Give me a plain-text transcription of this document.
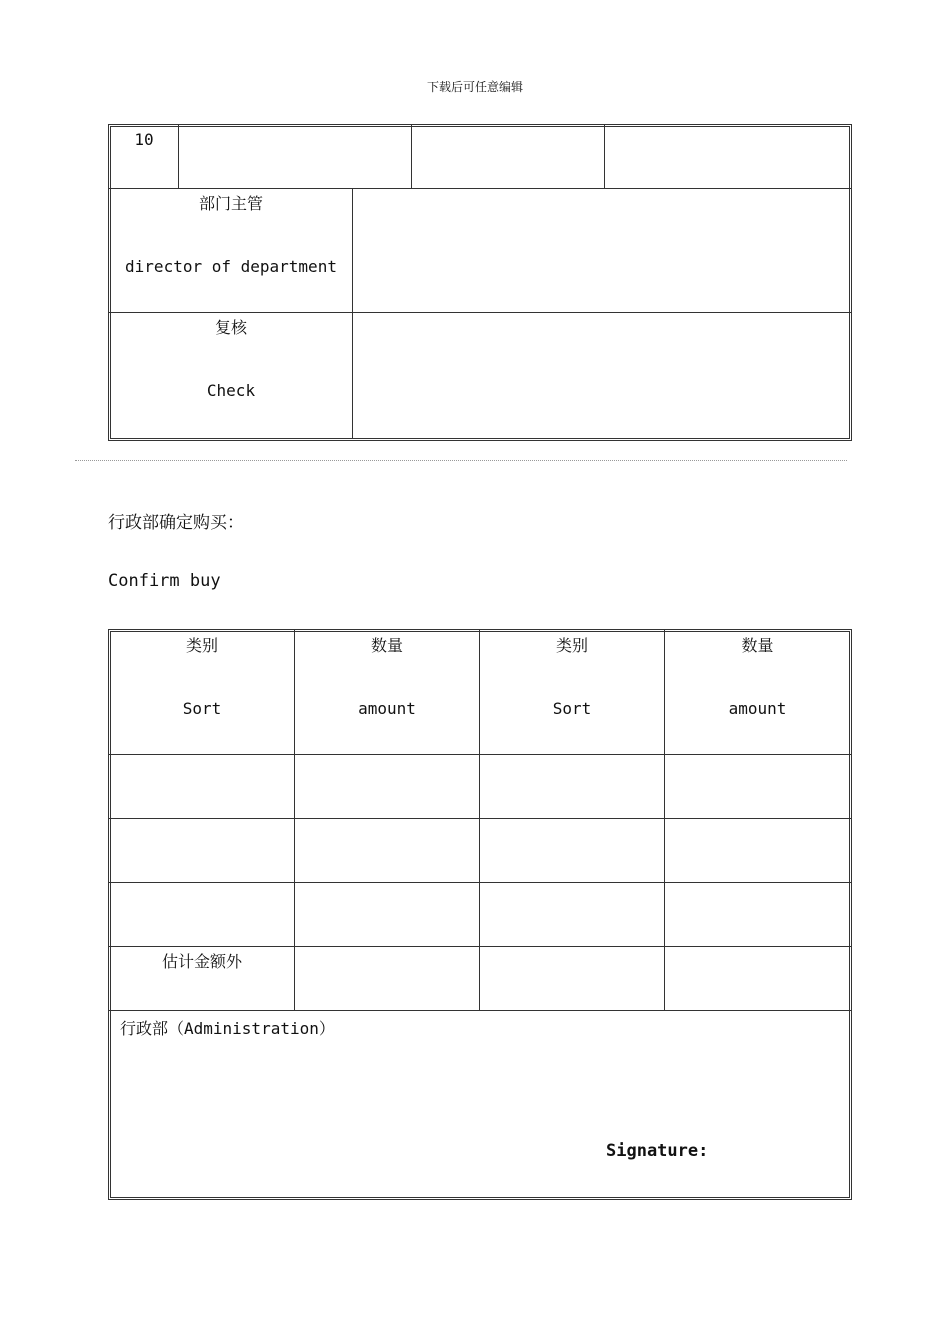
下载后可任意编辑
10
部门主管
director of department
复核
Check
行政部确定购买：
Confirm buy
类别
Sort
数量
amount
类别
Sort
数量
amount
估计金额外
行政部（Administration）
Signature:
